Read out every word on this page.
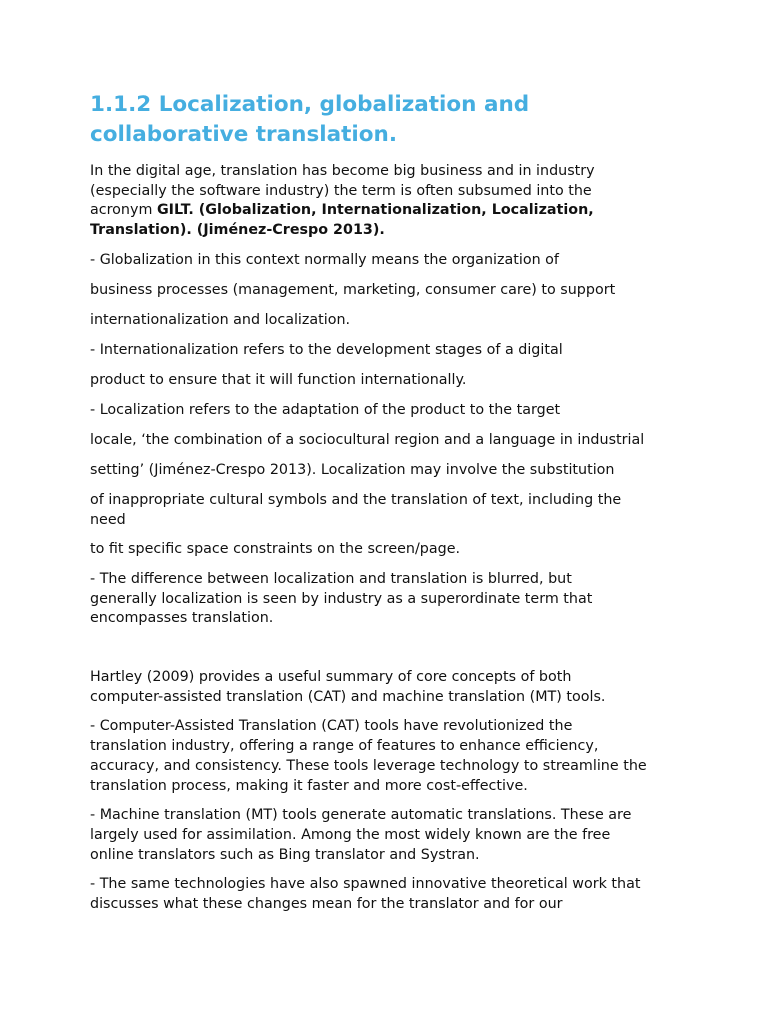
1.1.2 Localization, globalization and
collaborative translation.

In the digital age, translation has become big business and in industry
(especially the software industry) the term is often subsumed into the
acronym GILT. (Globalization, Internationalization, Localization,
Translation). (Jiménez-Crespo 2013).

- Globalization in this context normally means the organization of

business processes (management, marketing, consumer care) to support

internationalization and localization.

- Internationalization refers to the development stages of a digital

product to ensure that it will function internationally.

- Localization refers to the adaptation of the product to the target

locale, ‘the combination of a sociocultural region and a language in industrial

setting’ (Jiménez-Crespo 2013). Localization may involve the substitution

of inappropriate cultural symbols and the translation of text, including the
need

to fit specific space constraints on the screen/page.

- The difference between localization and translation is blurred, but
generally localization is seen by industry as a superordinate term that
encompasses translation.

Hartley (2009) provides a useful summary of core concepts of both
computer-assisted translation (CAT) and machine translation (MT) tools.

- Computer-Assisted Translation (CAT) tools have revolutionized the
translation industry, offering a range of features to enhance efficiency,
accuracy, and consistency. These tools leverage technology to streamline the
translation process, making it faster and more cost-effective.

- Machine translation (MT) tools generate automatic translations. These are
largely used for assimilation. Among the most widely known are the free
online translators such as Bing translator and Systran.

- The same technologies have also spawned innovative theoretical work that
discusses what these changes mean for the translator and for our
